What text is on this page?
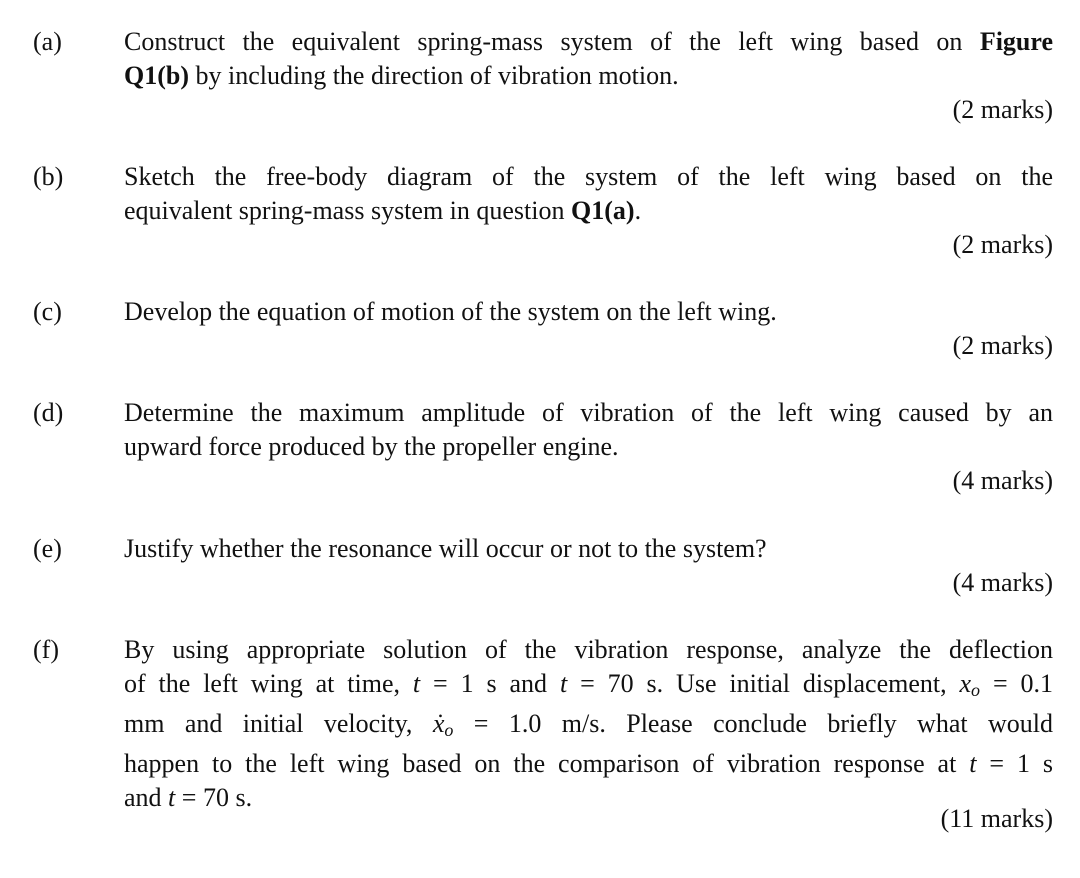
(a) Construct the equivalent spring-mass system of the left wing based on Figure
Q1(b) by including the direction of vibration motion.
(2 marks)
(b) Sketch the free-body diagram of the system of the left wing based on the
equivalent spring-mass system in question Q1(a).
(2 marks)
(c) Develop the equation of motion of the system on the left wing.
(2 marks)
(d) Determine the maximum amplitude of vibration of the left wing caused by an
upward force produced by the propeller engine.
(4 marks)
(e) Justify whether the resonance will occur or not to the system?
(4 marks)
(f)	By using appropriate solution of the vibration response, analyze the deflection
of the left wing at time, t = 1 s and t = 70 s. Use initial displacement, $x_o = 0.1$
mm and initial velocity, ẋ$_o$ = 1.0 m/s. Please conclude briefly what would
happen to the left wing based on the comparison of vibration response at t = 1 s
and t = 70 s.
(11 marks)
